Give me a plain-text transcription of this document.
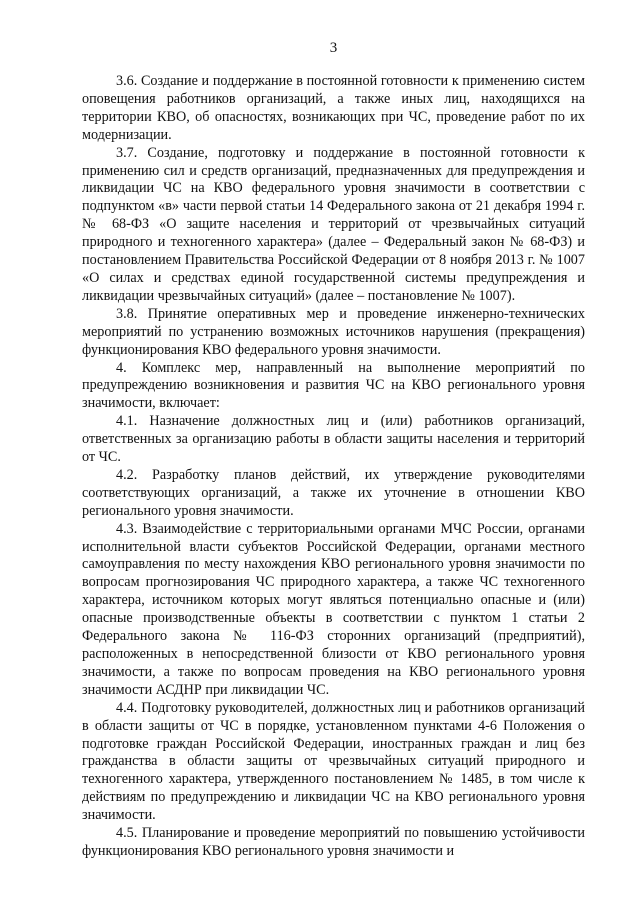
3

3.6. Создание и поддержание в постоянной готовности к применению систем оповещения работников организаций, а также иных лиц, находящихся на территории КВО, об опасностях, возникающих при ЧС, проведение работ по их модернизации.

3.7. Создание, подготовку и поддержание в постоянной готовности к применению сил и средств организаций, предназначенных для предупреждения и ликвидации ЧС на КВО федерального уровня значимости в соответствии с подпунктом «в» части первой статьи 14 Федерального закона от 21 декабря 1994 г. № 68-ФЗ «О защите населения и территорий от чрезвычайных ситуаций природного и техногенного характера» (далее – Федеральный закон № 68-ФЗ) и постановлением Правительства Российской Федерации от 8 ноября 2013 г. № 1007 «О силах и средствах единой государственной системы предупреждения и ликвидации чрезвычайных ситуаций» (далее – постановление № 1007).

3.8. Принятие оперативных мер и проведение инженерно-технических мероприятий по устранению возможных источников нарушения (прекращения) функционирования КВО федерального уровня значимости.

4. Комплекс мер, направленный на выполнение мероприятий по предупреждению возникновения и развития ЧС на КВО регионального уровня значимости, включает:

4.1. Назначение должностных лиц и (или) работников организаций, ответственных за организацию работы в области защиты населения и территорий от ЧС.

4.2. Разработку планов действий, их утверждение руководителями соответствующих организаций, а также их уточнение в отношении КВО регионального уровня значимости.

4.3. Взаимодействие с территориальными органами МЧС России, органами исполнительной власти субъектов Российской Федерации, органами местного самоуправления по месту нахождения КВО регионального уровня значимости по вопросам прогнозирования ЧС природного характера, а также ЧС техногенного характера, источником которых могут являться потенциально опасные и (или) опасные производственные объекты в соответствии с пунктом 1 статьи 2 Федерального закона № 116-ФЗ сторонних организаций (предприятий), расположенных в непосредственной близости от КВО регионального уровня значимости, а также по вопросам проведения на КВО регионального уровня значимости АСДНР при ликвидации ЧС.

4.4. Подготовку руководителей, должностных лиц и работников организаций в области защиты от ЧС в порядке, установленном пунктами 4-6 Положения о подготовке граждан Российской Федерации, иностранных граждан и лиц без гражданства в области защиты от чрезвычайных ситуаций природного и техногенного характера, утвержденного постановлением № 1485, в том числе к действиям по предупреждению и ликвидации ЧС на КВО регионального уровня значимости.

4.5. Планирование и проведение мероприятий по повышению устойчивости функционирования КВО регионального уровня значимости и
